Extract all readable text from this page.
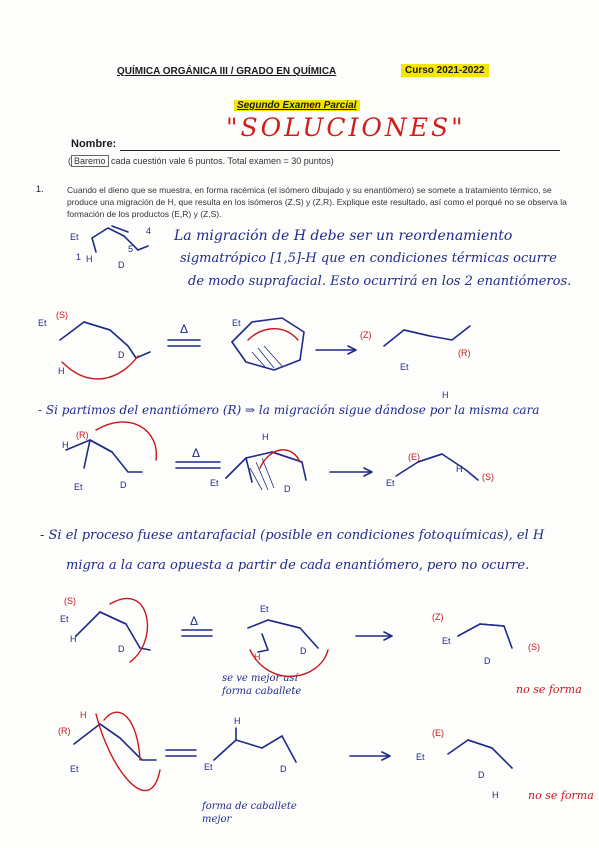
QUÍMICA ORGÁNICA III / GRADO EN QUÍMICA	Curso 2021-2022
Segundo Examen Parcial
Nombre:
"SOLUCIONES"
( Baremo cada cuestión vale 6 puntos. Total examen = 30 puntos)
1.	Cuando el dieno que se muestra, en forma racémica (el isómero dibujado y su enantiómero) se somete a tratamiento térmico, se produce una migración de H, que resulta en los isómeros (Z,S) y (Z,R). Explique este resultado, así como el porqué no se observa la formación de los productos (E,R) y (Z,S).
La migración de H debe ser un reordenamiento
sigmatrópico [1,5]-H que en condiciones térmicas ocurre
de modo suprafacial. Esto ocurrirá en los 2 enantiómeros.
- Si partimos del enantiómero (R) ⇒ la migración sigue dándose por la misma cara
- Si el proceso fuese antarafacial (posible en condiciones fotoquímicas), el H
migra a la cara opuesta a partir de cada enantiómero, pero no ocurre.
se ve mejor así forma caballete
forma de caballete mejor
no se forma
no se forma
Et
H
1
4
5
D
Et
(S)
H
D
Δ	Et
(Z)
Et
(R)
H
H
(R)
Et	D
Δ
H
Et
D
(E)
Et
H
(S)
(S)
Et
H
D
Δ
Et
H
D
(Z)
Et
D
(S)
(R)
H
Et
H
Et	D
(E)
Et
D
H
